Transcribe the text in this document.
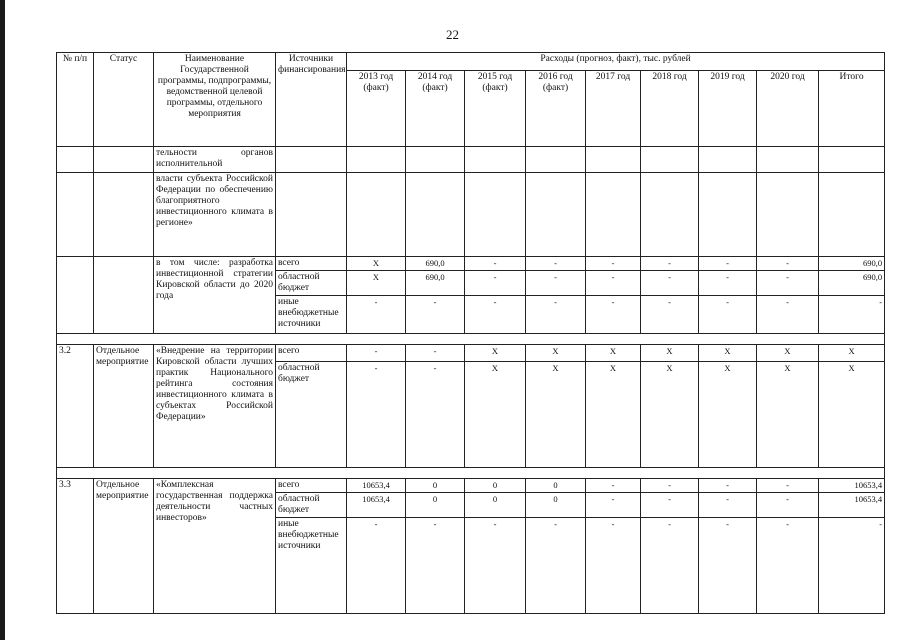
22
№ п/п	Статус	Наименование Государственной программы, подпрограммы, ведомственной целевой программы, отдельного мероприятия	Источники финансирования	Расходы (прогноз, факт), тыс. рублей								
				2013 год (факт)	2014 год (факт)	2015 год (факт)	2016 год (факт)	2017 год	2018 год	2019 год	2020 год	Итого
		тельности органов исполнительной										
		власти субъекта Российской Федерации по обеспечению благоприятного инвестиционного климата в регионе»										
		в том числе: разработка инвестиционной стратегии Кировской области до 2020 года	всего	Х	690,0	-	-	-	-	-	-	690,0
			областной бюджет	Х	690,0	-	-	-	-	-	-	690,0
			иные внебюджетные источники	-	-	-	-	-	-	-	-	-

3.2	Отдельное мероприятие	«Внедрение на территории Кировской области лучших практик Национального рейтинга состояния инвестиционного климата в субъектах Российской Федерации»	всего	-	-	Х	Х	Х	Х	Х	Х	Х
			областной бюджет	-	-	Х	Х	Х	Х	Х	Х	Х

3.3	Отдельное мероприятие	«Комплексная государственная поддержка деятельности частных инвесторов»	всего	10653,4	0	0	0	-	-	-	-	10653,4
			областной бюджет	10653,4	0	0	0	-	-	-	-	10653,4
			иные внебюджетные источники	-	-	-	-	-	-	-	-	-
